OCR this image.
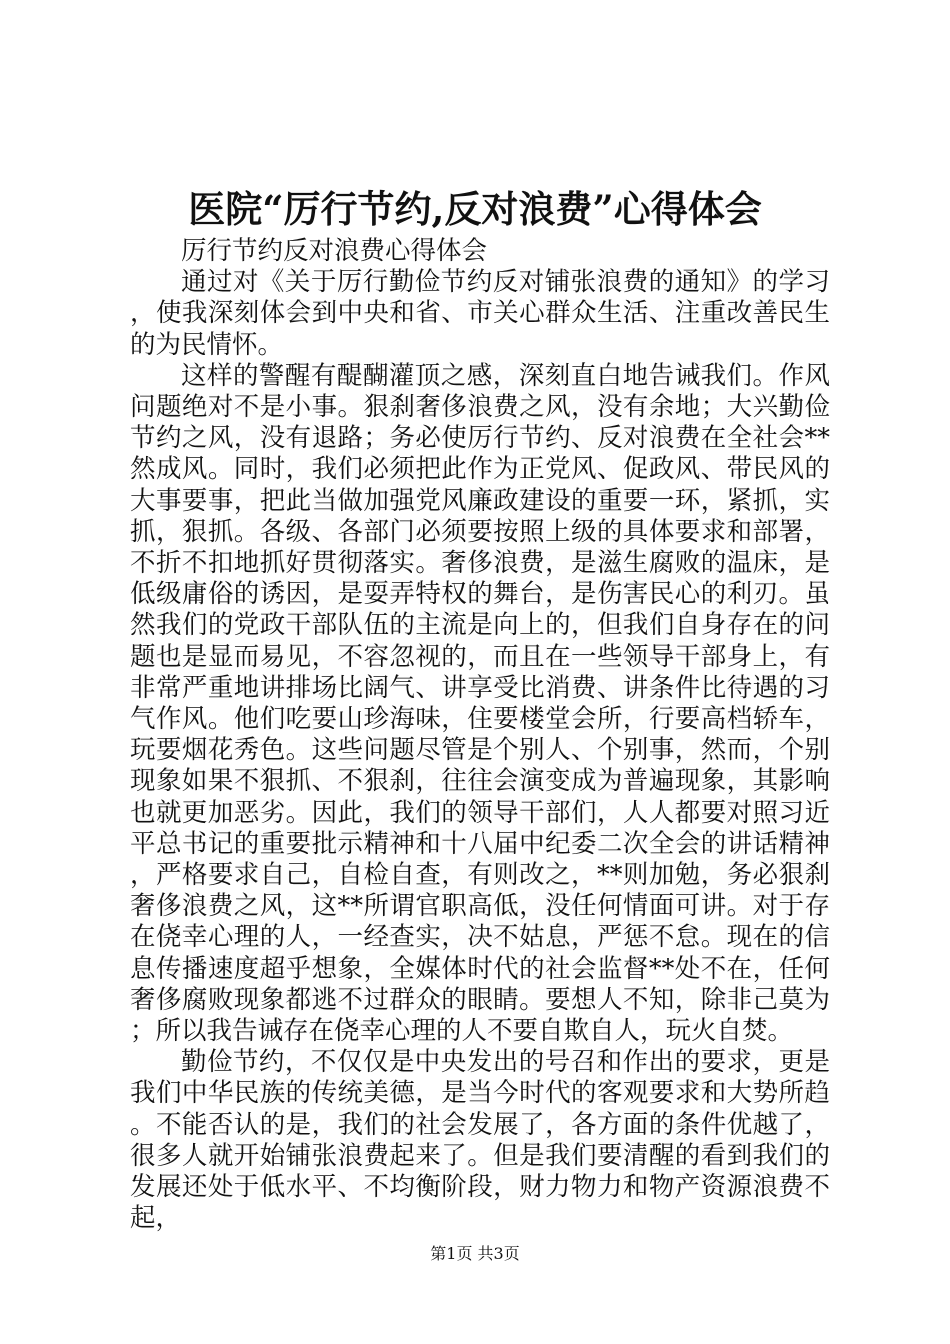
医院“厉行节约,反对浪费”心得体会

厉行节约反对浪费心得体会

通过对《关于厉行勤俭节约反对铺张浪费的通知》的学习，使我深刻体会到中央和省、市关心群众生活、注重改善民生的为民情怀。

这样的警醒有醍醐灌顶之感，深刻直白地告诫我们。作风问题绝对不是小事。狠刹奢侈浪费之风，没有余地；大兴勤俭节约之风，没有退路；务必使厉行节约、反对浪费在全社会**然成风。同时，我们必须把此作为正党风、促政风、带民风的大事要事，把此当做加强党风廉政建设的重要一环，紧抓，实抓，狠抓。各级、各部门必须要按照上级的具体要求和部署，不折不扣地抓好贯彻落实。奢侈浪费，是滋生腐败的温床，是低级庸俗的诱因，是耍弄特权的舞台，是伤害民心的利刃。虽然我们的党政干部队伍的主流是向上的，但我们自身存在的问题也是显而易见，不容忽视的，而且在一些领导干部身上，有非常严重地讲排场比阔气、讲享受比消费、讲条件比待遇的习气作风。他们吃要山珍海味，住要楼堂会所，行要高档轿车，玩要烟花秀色。这些问题尽管是个别人、个别事，然而，个别现象如果不狠抓、不狠刹，往往会演变成为普遍现象，其影响也就更加恶劣。因此，我们的领导干部们，人人都要对照习近平总书记的重要批示精神和十八届中纪委二次全会的讲话精神，严格要求自己，自检自查，有则改之，**则加勉，务必狠刹奢侈浪费之风，这**所谓官职高低，没任何情面可讲。对于存在侥幸心理的人，一经查实，决不姑息，严惩不怠。现在的信息传播速度超乎想象，全媒体时代的社会监督**处不在，任何奢侈腐败现象都逃不过群众的眼睛。要想人不知，除非己莫为；所以我告诫存在侥幸心理的人不要自欺自人，玩火自焚。

勤俭节约，不仅仅是中央发出的号召和作出的要求，更是我们中华民族的传统美德，是当今时代的客观要求和大势所趋。不能否认的是，我们的社会发展了，各方面的条件优越了，很多人就开始铺张浪费起来了。但是我们要清醒的看到我们的发展还处于低水平、不均衡阶段，财力物力和物产资源浪费不起，

第1页 共3页
